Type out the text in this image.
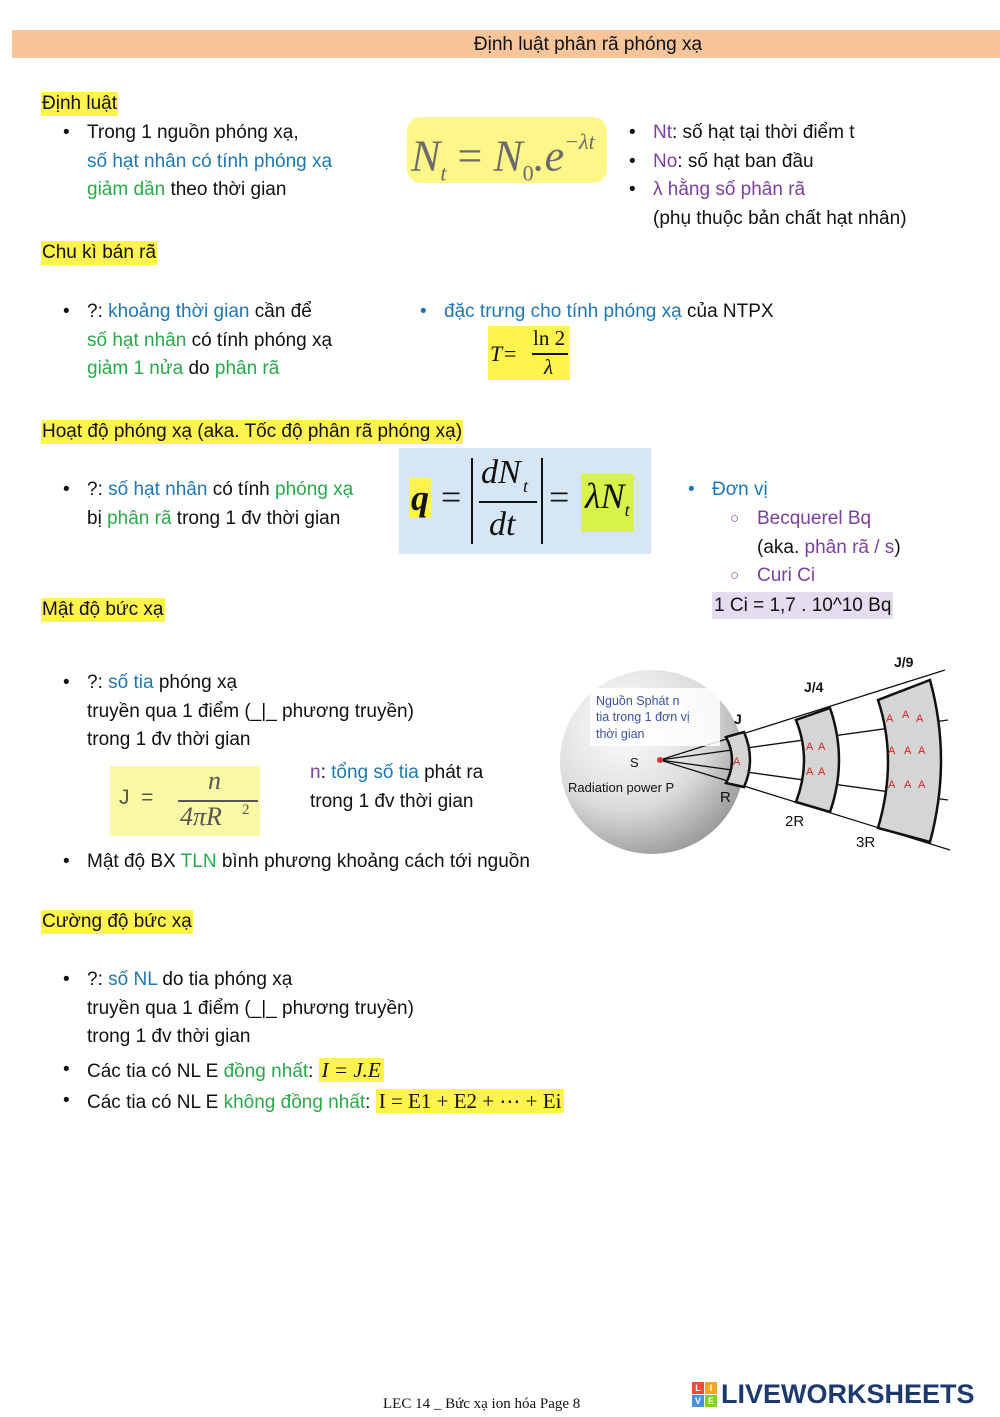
Định luật phân rã phóng xạ
Định luật
• Trong 1 nguồn phóng xạ,
số hạt nhân có tính phóng xạ
giảm dần theo thời gian
$N_t = N_0.e^{-\lambda t}$
•	Nt: số hạt tại thời điểm t
• No: số hạt ban đầu
• λ hằng số phân rã
(phụ thuộc bản chất hạt nhân)
Chu kì bán rã
• ?: khoảng thời gian cần để
số hạt nhân có tính phóng xạ
giảm 1 nửa do phân rã
• đặc trưng cho tính phóng xạ của NTPX
T =
ln 2
λ
Hoạt độ phóng xạ (aka. Tốc độ phân rã phóng xạ)
• ?: số hạt nhân có tính phóng xạ
bị phân rã trong 1 đv thời gian	q =
dN t
dt
= $\lambda N_t$
• Đơn vị
○ Becquerel Bq
(aka. phân rã / s)
○ Curi Ci
1 Ci = 1,7 . 10^10 Bq
Mật độ bức xạ
• ?: số tia phóng xạ
truyền qua 1 điểm (_|_ phương truyền)
trong 1 đv thời gian
J  =
n
4πR 2
n: tổng số tia phát ra
trong 1 đv thời gian
• Mật độ BX TLN bình phương khoảng cách tới nguồn
A
A A
A A
A A A
A A A
A A A
Nguồn Sphát n
tia trong 1 đơn vị
thời gian
S
Radiation power P
J
J/4
J/9
R
2R
3R
Cường độ bức xạ
• ?: số NL do tia phóng xạ
truyền qua 1 điểm (_|_ phương truyền)
trong 1 đv thời gian
• Các tia có NL E đồng nhất: I = J.E
• Các tia có NL E không đồng nhất: I = E1 + E2 + ⋯ + Ei
LEC 14 _ Bức xạ ion hóa Page 8
L I
V E LIVEWORKSHEETS
